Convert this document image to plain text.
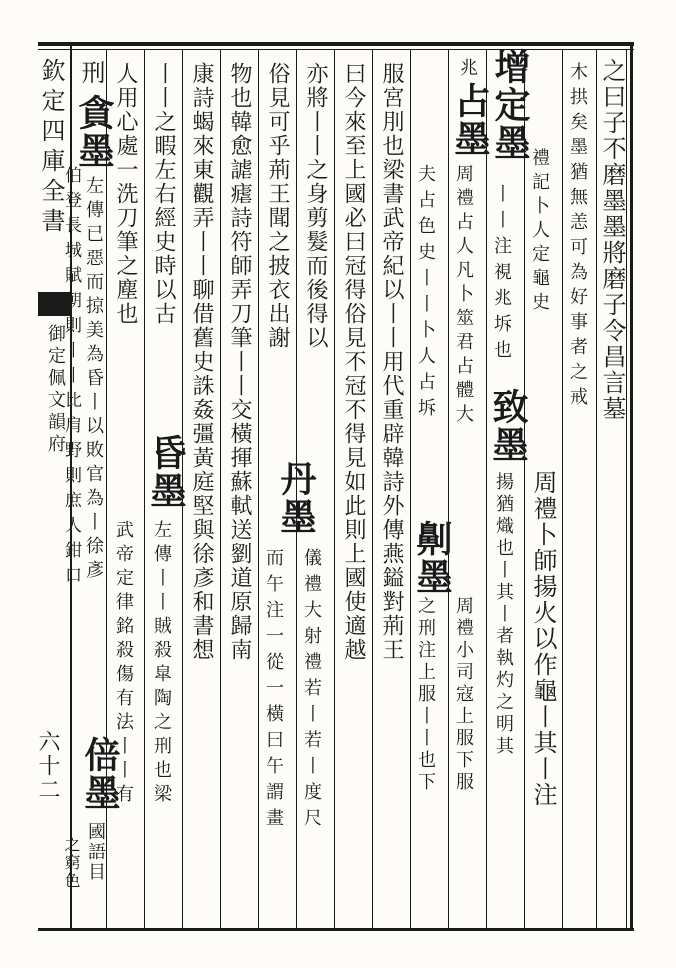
欽定四庫全書
御定佩文韻府
六十二
之曰子不磨墨墨將磨子令昌言墓
木拱矣墨猶無恙可為好事者之戒
增定墨
禮記卜人定龜史
周禮卜師揚火以作龜丨其丨注
丨丨注視兆坼也
致墨
揚猶熾也丨其丨者執灼之明其
兆
占墨
周禮占人凡卜筮君占體大
劓墨
周禮小司寇上服下服
夫占色史丨丨卜人占坼
之刑注上服丨丨也下
服宮刖也梁書武帝紀以丨丨用代重辟韓詩外傳燕鎰對荊王
曰今來至上國必曰冠得俗見不冠不得見如此則上國使適越
亦將丨丨之身剪髮而後得以
丹墨
儀禮大射禮若丨若丨度尺
俗見可乎荊王聞之披衣出謝
而午注一從一橫曰午謂畫
物也韓愈謔瘧詩符師弄刀筆丨丨交橫揮蘇軾送劉道原歸南
康詩蝎來東觀弄丨丨聊借舊史誅姦彊黃庭堅與徐彥和書想
丨丨之暇左右經史時以古
昏墨
左傳丨丨賊殺皐陶之刑也梁
人用心處一洗刀筆之塵也
武帝定律銘殺傷有法丨丨有
刑
貪墨
左傳已惡而掠美為昏丨以敗官為丨徐彥
倍墨
國語目
伯登長城賦朝則丨丨比肩野則庶人鉗口
之窮色
